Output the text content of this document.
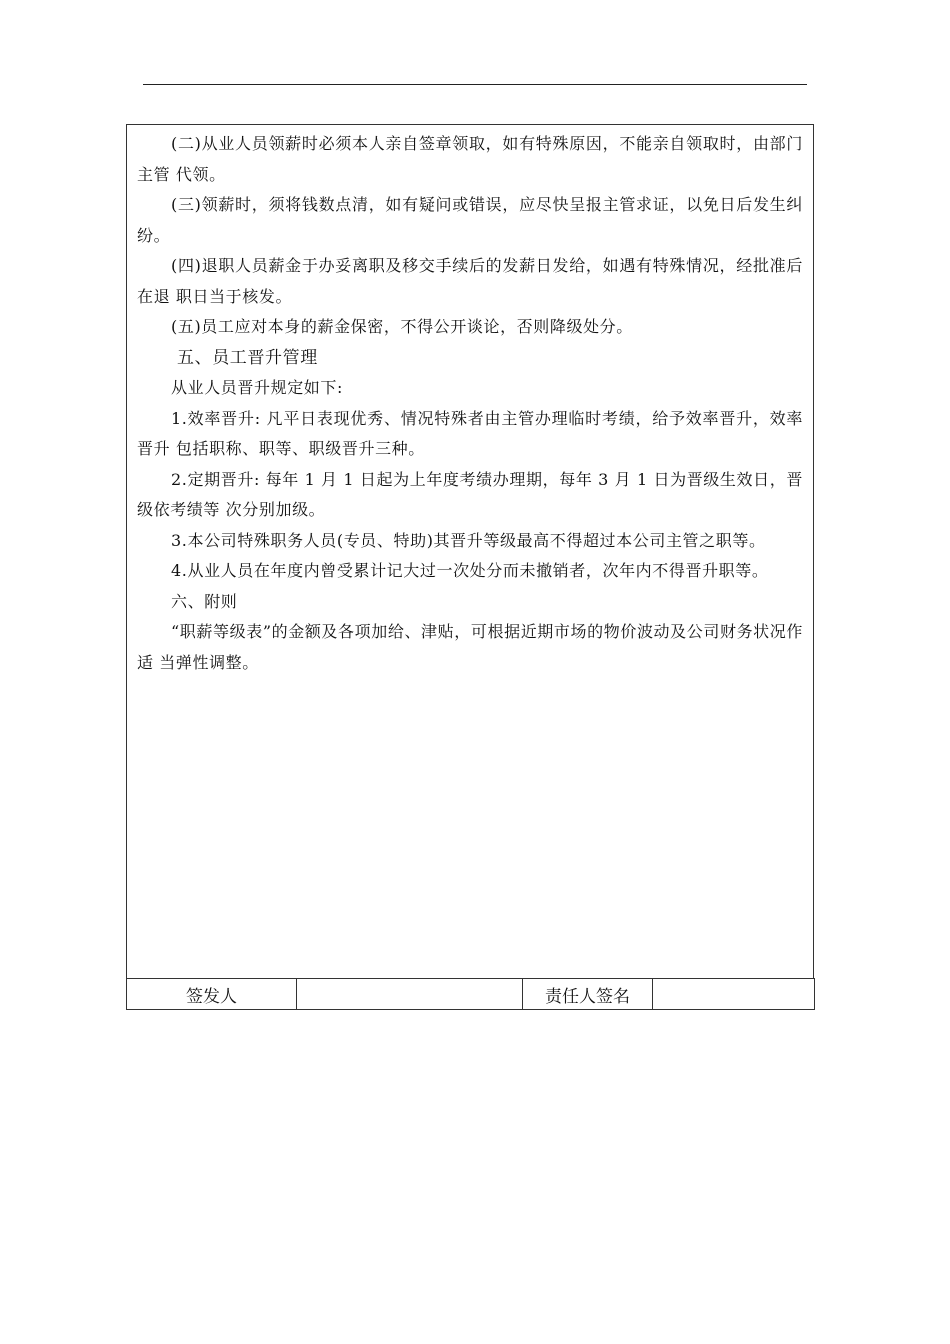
(二)从业人员领薪时必须本人亲自签章领取，如有特殊原因，不能亲自领取时，由部门主管 代领。

(三)领薪时，须将钱数点清，如有疑问或错误，应尽快呈报主管求证，以免日后发生纠纷。

(四)退职人员薪金于办妥离职及移交手续后的发薪日发给，如遇有特殊情况，经批准后在退 职日当于核发。

(五)员工应对本身的薪金保密，不得公开谈论，否则降级处分。

五、员工晋升管理

从业人员晋升规定如下:

1.效率晋升: 凡平日表现优秀、情况特殊者由主管办理临时考绩，给予效率晋升，效率晋升 包括职称、职等、职级晋升三种。

2.定期晋升: 每年 1 月 1 日起为上年度考绩办理期，每年 3 月 1 日为晋级生效日，晋级依考绩等 次分别加级。

3.本公司特殊职务人员(专员、特助)其晋升等级最高不得超过本公司主管之职等。

4.从业人员在年度内曾受累计记大过一次处分而未撤销者，次年内不得晋升职等。

六、附则

“职薪等级表”的金额及各项加给、津贴，可根据近期市场的物价波动及公司财务状况作适 当弹性调整。

签发人		责任人签名	
